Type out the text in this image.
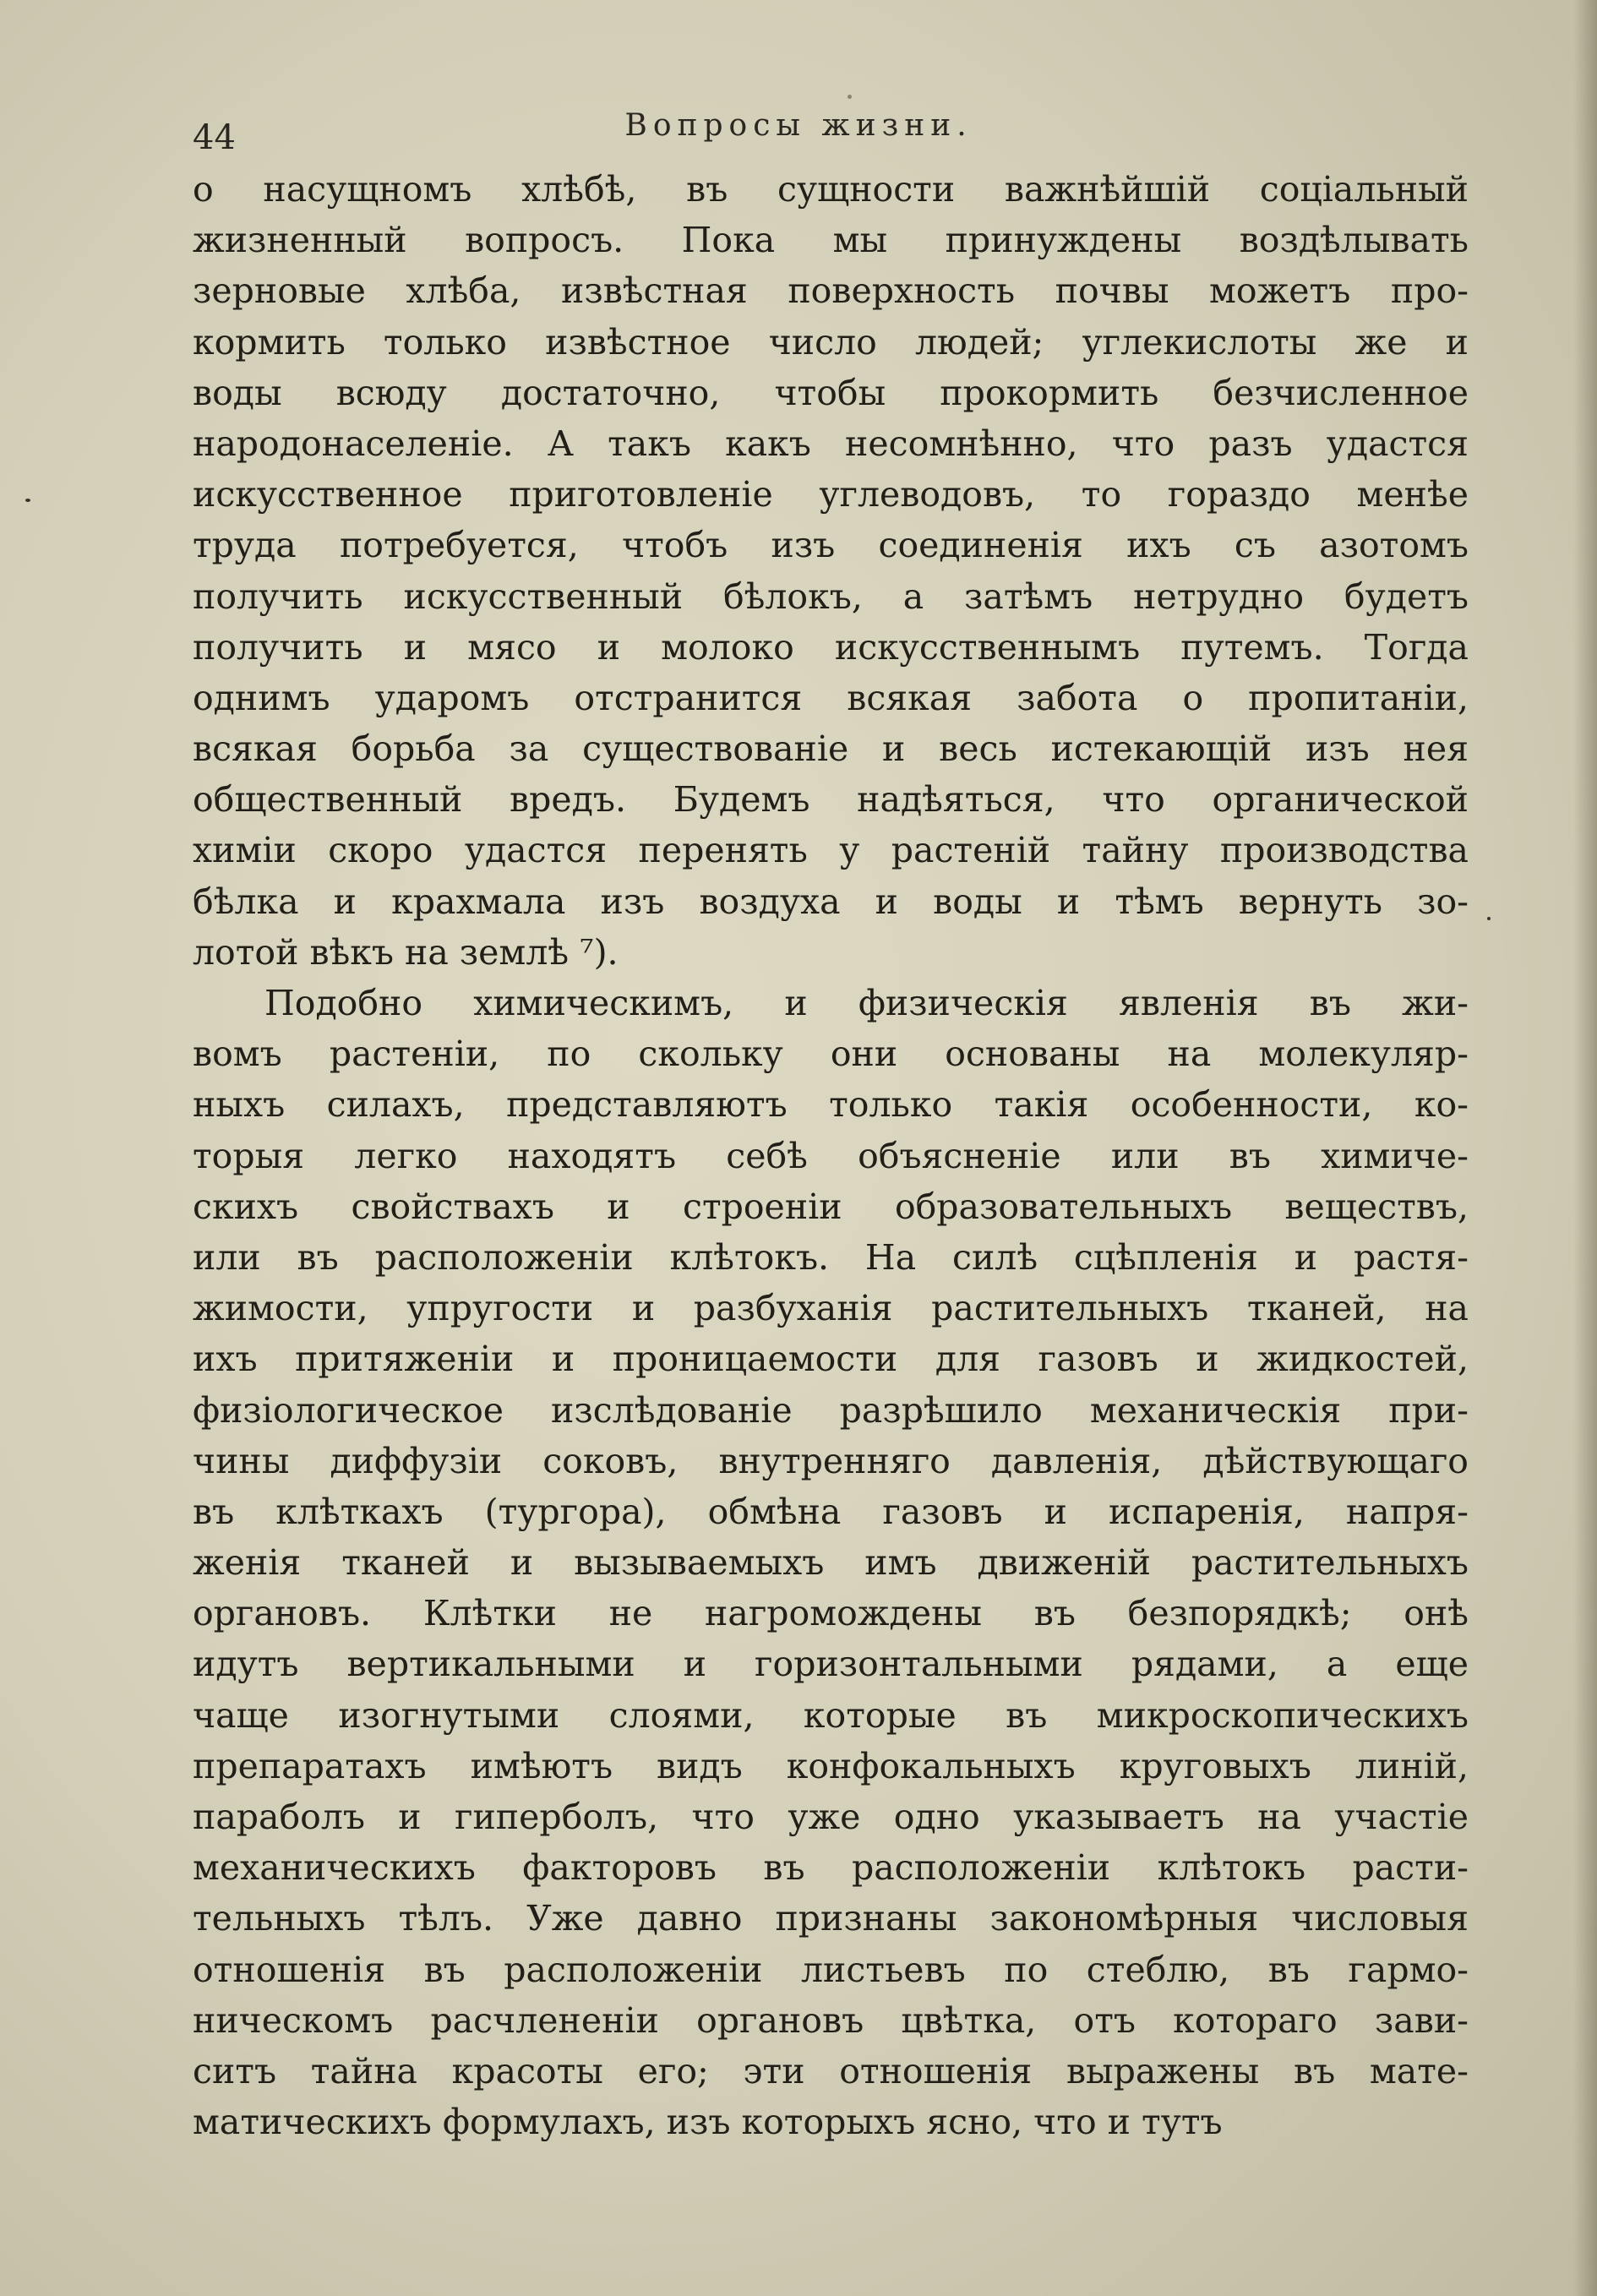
44	Вопросы жизни.
о насущномъ хлѣбѣ, въ сущности важнѣйшій соціальный
жизненный вопросъ. Пока мы принуждены воздѣлывать
зерновые хлѣба, извѣстная поверхность почвы можетъ про-
кормить только извѣстное число людей; углекислоты же и
воды всюду достаточно, чтобы прокормить безчисленное
народонаселеніе. А такъ какъ несомнѣнно, что разъ удастся
искусственное приготовленіе углеводовъ, то гораздо менѣе
труда потребуется, чтобъ изъ соединенія ихъ съ азотомъ
получить искусственный бѣлокъ, а затѣмъ нетрудно будетъ
получить и мясо и молоко искусственнымъ путемъ. Тогда
однимъ ударомъ отстранится всякая забота о пропитаніи,
всякая борьба за существованіе и весь истекающій изъ нея
общественный вредъ. Будемъ надѣяться, что органической
химіи скоро удастся перенять у растеній тайну производства
бѣлка и крахмала изъ воздуха и воды и тѣмъ вернуть зо-
лотой вѣкъ на землѣ ⁷).
Подобно химическимъ, и физическія явленія въ жи-
вомъ растеніи, по скольку они основаны на молекуляр-
ныхъ силахъ, представляютъ только такія особенности, ко-
торыя легко находятъ себѣ объясненіе или въ химиче-
скихъ свойствахъ и строеніи образовательныхъ веществъ,
или въ расположеніи клѣтокъ. На силѣ сцѣпленія и растя-
жимости, упругости и разбуханія растительныхъ тканей, на
ихъ притяженіи и проницаемости для газовъ и жидкостей,
физіологическое изслѣдованіе разрѣшило механическія при-
чины диффузіи соковъ, внутренняго давленія, дѣйствующаго
въ клѣткахъ (тургора), обмѣна газовъ и испаренія, напря-
женія тканей и вызываемыхъ имъ движеній растительныхъ
органовъ. Клѣтки не нагромождены въ безпорядкѣ; онѣ
идутъ вертикальными и горизонтальными рядами, а еще
чаще изогнутыми слоями, которые въ микроскопическихъ
препаратахъ имѣютъ видъ конфокальныхъ круговыхъ линій,
параболъ и гиперболъ, что уже одно указываетъ на участіе
механическихъ факторовъ въ расположеніи клѣтокъ расти-
тельныхъ тѣлъ. Уже давно признаны закономѣрныя числовыя
отношенія въ расположеніи листьевъ по стеблю, въ гармо-
ническомъ расчлененіи органовъ цвѣтка, отъ котораго зави-
ситъ тайна красоты его; эти отношенія выражены въ мате-
матическихъ формулахъ, изъ которыхъ ясно, что и тутъ
